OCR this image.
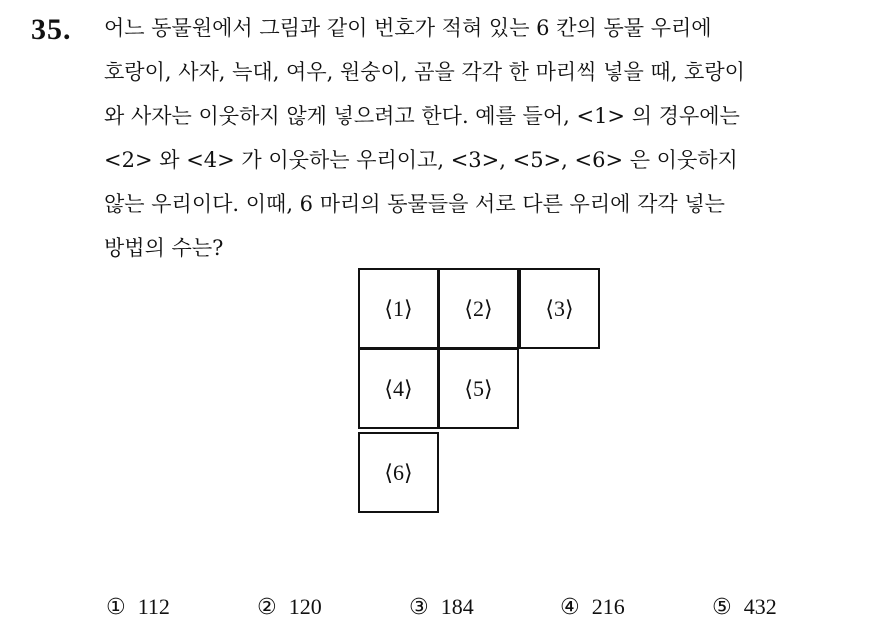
35. 어느 동물원에서 그림과 같이 번호가 적혀 있는 6 칸의 동물 우리에
호랑이, 사자, 늑대, 여우, 원숭이, 곰을 각각 한 마리씩 넣을 때, 호랑이
와 사자는 이웃하지 않게 넣으려고 한다. 예를 들어, <1> 의 경우에는
<2> 와 <4> 가 이웃하는 우리이고, <3>, <5>, <6> 은 이웃하지
않는 우리이다. 이때, 6 마리의 동물들을 서로 다른 우리에 각각 넣는
방법의 수는?
⟨1⟩	⟨2⟩	⟨3⟩
⟨4⟩	⟨5⟩
⟨6⟩
① 112	② 120	③ 184	④ 216	⑤ 432
